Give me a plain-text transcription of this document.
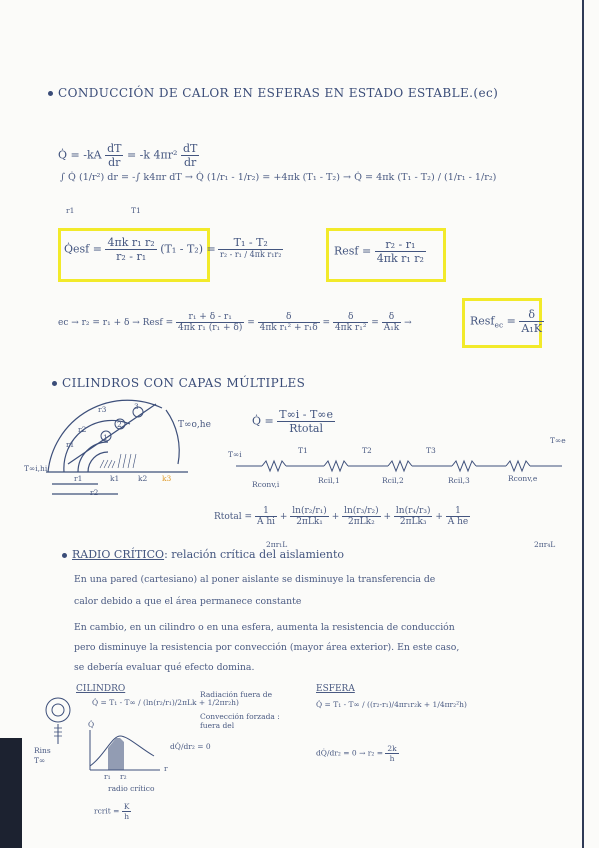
CONDUCCIÓN DE CALOR EN ESFERAS EN ESTADO ESTABLE.(ec)
Q̇ = $-kA \frac{dT}{dr} = -k$ $4\pi r^2 \frac{dT}{dr}$
∫ Q̇ (1/r²) dr = -∫ k4πr dT → Q̇ (1/r₁ - 1/r₂) = +4πk (T₁ - T₂) → Q̇ = 4πk (T₁ - T₂) / (1/r₁ - 1/r₂)
r1	T1
Q̇esf = $\frac{\text{4πk r₁ r₂}}{\text{r₂ - r₁}} (T_1 - T_2) = \frac{\text{T₁ - T₂}}{\text{r₂ - r₁ / 4πk r₁r₂}}$	Resf = $\frac{\text{r₂ - r₁}}{\text{4πk r₁ r₂}}$
ec → r₂ = r₁ + δ → Resf = $\frac{\text{r₁ + δ - r₁}}{\text{4πk r₁ (r₁ + δ)}} = \frac{\delta}{\text{4πk r₁² + r₁δ}} = \frac{\delta}{\text{4πk r₁²}} = \frac{\delta}{\text{A₁k}}$ →	Resf$_{ec}$ = $\frac{\delta}{\text{A₁K}}$
CILINDROS CON CAPAS MÚLTIPLES
3
2
1
r3
r2
r1
T∞o,he
T∞i,hi
r1
r2
k1 k2 k3
Q̇ = $\frac{T\infty i - T\infty e}{\text{Rtotal}}$
T∞i	T1	T2	T3
T∞e
Rconv,i	Rcil,1	Rcil,2	Rcil,3	Rconv,e
Rtotal = $\frac{1}{\text{A hi}} + \frac{\text{ln(r₂/r₁)}}{\text{2πLk₁}} + \frac{\text{ln(r₃/r₂)}}{\text{2πLk₂}} + \frac{\text{ln(r₄/r₃)}}{\text{2πLk₃}} + \frac{1}{\text{A he}}$
2πr₁L	2πr₄L
RADIO CRÍTICO: relación crítica del aislamiento
En una pared (cartesiano) al poner aislante se disminuye la transferencia de
calor debido a que el área permanece constante
En cambio, en un cilindro o en una esfera, aumenta la resistencia de conducción
pero disminuye la resistencia por convección (mayor área exterior). En este caso,
se debería evaluar qué efecto domina.
CILINDRO
Q̇ = T₁ - T∞ / (ln(r₂/r₁)/2πLk + 1/2πr₂h)
Radiación fuera de
Convección forzada : fuera del
ESFERA
Q̇ = T₁ - T∞ / ((r₂-r₁)/4πr₁r₂k + 1/4πr₂²h)
dQ̇/dr₂ = $0 \to r_2 = \frac{2k}{h}$
Rins
T∞
Q̇
r
r₁ r₂
radio crítico
rcrit = $\frac{K}{h}$
dQ̇/dr₂ = 0
